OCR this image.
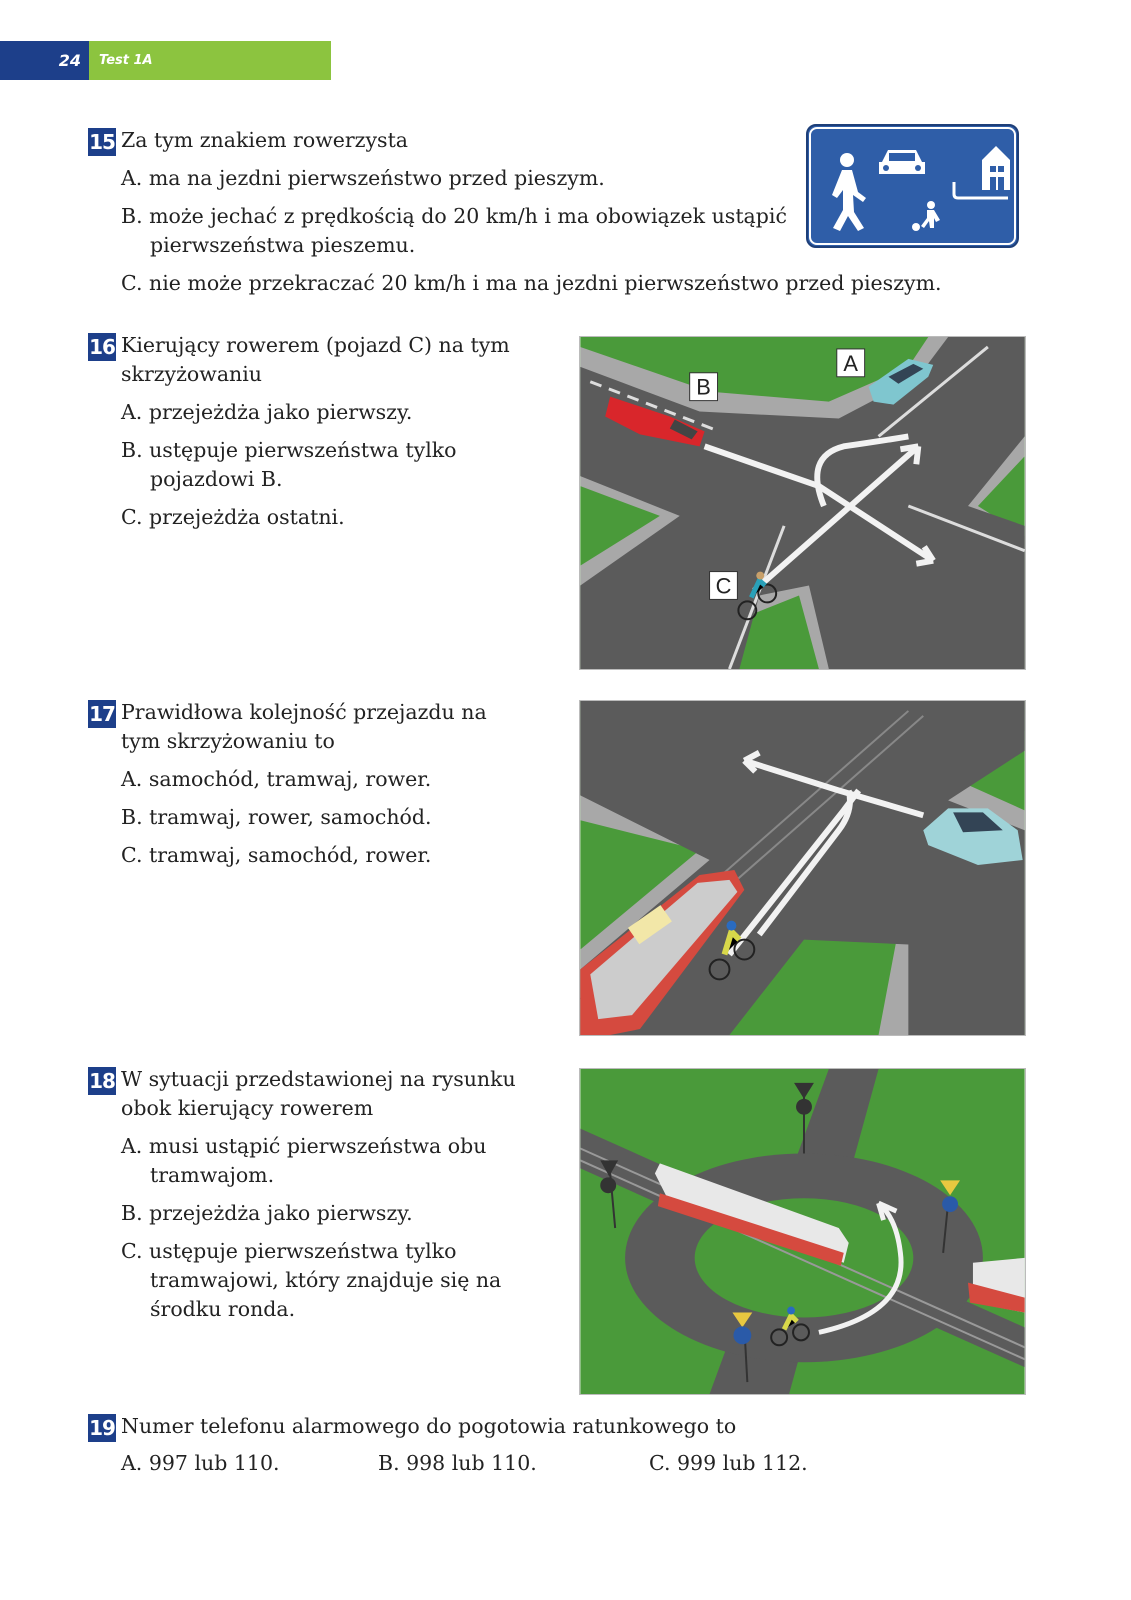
24	Test 1A
15 Za tym znakiem rowerzysta
A. ma na jezdni pierwszeństwo przed pieszym.
B. może jechać z prędkością do 20 km/h i ma obowiązek ustąpić pierwszeństwa pieszemu.
C. nie może przekraczać 20 km/h i ma na jezdni pierwszeństwo przed pieszym.
16 Kierujący rowerem (pojazd C) na tym skrzyżowaniu
A. przejeżdża jako pierwszy.
B. ustępuje pierwszeństwa tylko pojazdowi B.
C. przejeżdża ostatni.
A
B
C
17 Prawidłowa kolejność przejazdu na tym skrzyżowaniu to
A. samochód, tramwaj, rower.
B. tramwaj, rower, samochód.
C. tramwaj, samochód, rower.
18 W sytuacji przedstawionej na rysunku obok kierujący rowerem
A. musi ustąpić pierwszeństwa obu tramwajom.
B. przejeżdża jako pierwszy.
C. ustępuje pierwszeństwa tylko tramwajowi, który znajduje się na środku ronda.
19 Numer telefonu alarmowego do pogotowia ratunkowego to
A. 997 lub 110.	B. 998 lub 110.	C. 999 lub 112.
